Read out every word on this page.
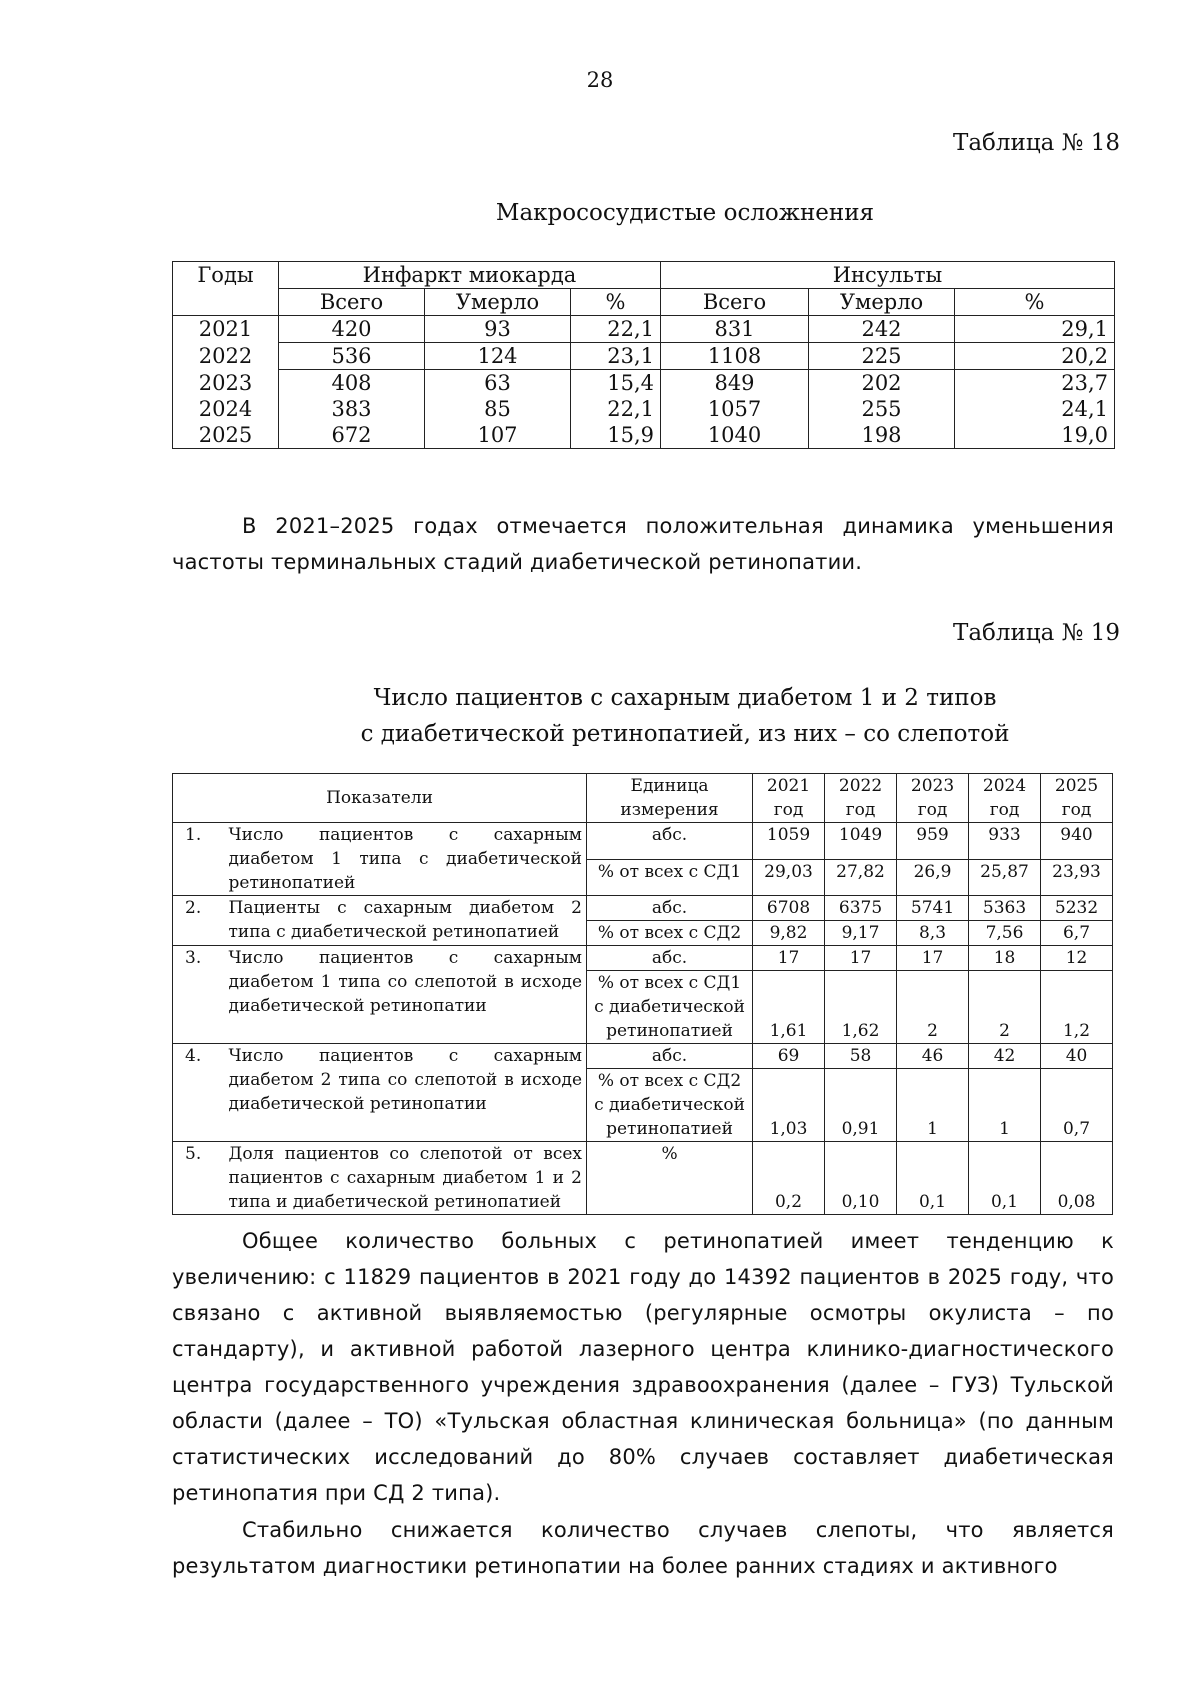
28
Таблица № 18
Макрососудистые осложнения
Годы	Инфаркт миокарда			Инсульты		
	Всего	Умерло	%	Всего	Умерло	%
2021	420	93	22,1	831	242	29,1
2022	536	124	23,1	1108	225	20,2
2023	408	63	15,4	849	202	23,7
2024	383	85	22,1	1057	255	24,1
2025	672	107	15,9	1040	198	19,0

В 2021–2025 годах отмечается положительная динамика уменьшения частоты терминальных стадий диабетической ретинопатии.

Таблица № 19
Число пациентов с сахарным диабетом 1 и 2 типов
с диабетической ретинопатией, из них – со слепотой
Показатели		Единица измерения	2021 год	2022 год	2023 год	2024 год	2025 год
1.	Число пациентов с сахарным диабетом 1 типа с диабетической ретинопатией	абс.	1059	1049	959	933	940
		% от всех с СД1	29,03	27,82	26,9	25,87	23,93
2.	Пациенты с сахарным диабетом 2 типа с диабетической ретинопатией	абс.	6708	6375	5741	5363	5232
		% от всех с СД2	9,82	9,17	8,3	7,56	6,7
3.	Число пациентов с сахарным диабетом 1 типа со слепотой в исходе диабетической ретинопатии	абс.	17	17	17	18	12
		% от всех с СД1 с диабетической ретинопатией	1,61	1,62	2	2	1,2
4.	Число пациентов с сахарным диабетом 2 типа со слепотой в исходе диабетической ретинопатии	абс.	69	58	46	42	40
		% от всех с СД2 с диабетической ретинопатией	1,03	0,91	1	1	0,7
5.	Доля пациентов со слепотой от всех пациентов с сахарным диабетом 1 и 2 типа и диабетической ретинопатией	%	0,2	0,10	0,1	0,1	0,08

Общее количество больных с ретинопатией имеет тенденцию к увеличению: с 11829 пациентов в 2021 году до 14392 пациентов в 2025 году, что связано с активной выявляемостью (регулярные осмотры окулиста – по стандарту), и активной работой лазерного центра клинико-диагностического центра государственного учреждения здравоохранения (далее – ГУЗ) Тульской области (далее – ТО) «Тульская областная клиническая больница» (по данным статистических исследований до 80% случаев составляет диабетическая ретинопатия при СД 2 типа).

Стабильно снижается количество случаев слепоты, что является результатом диагностики ретинопатии на более ранних стадиях и активного
